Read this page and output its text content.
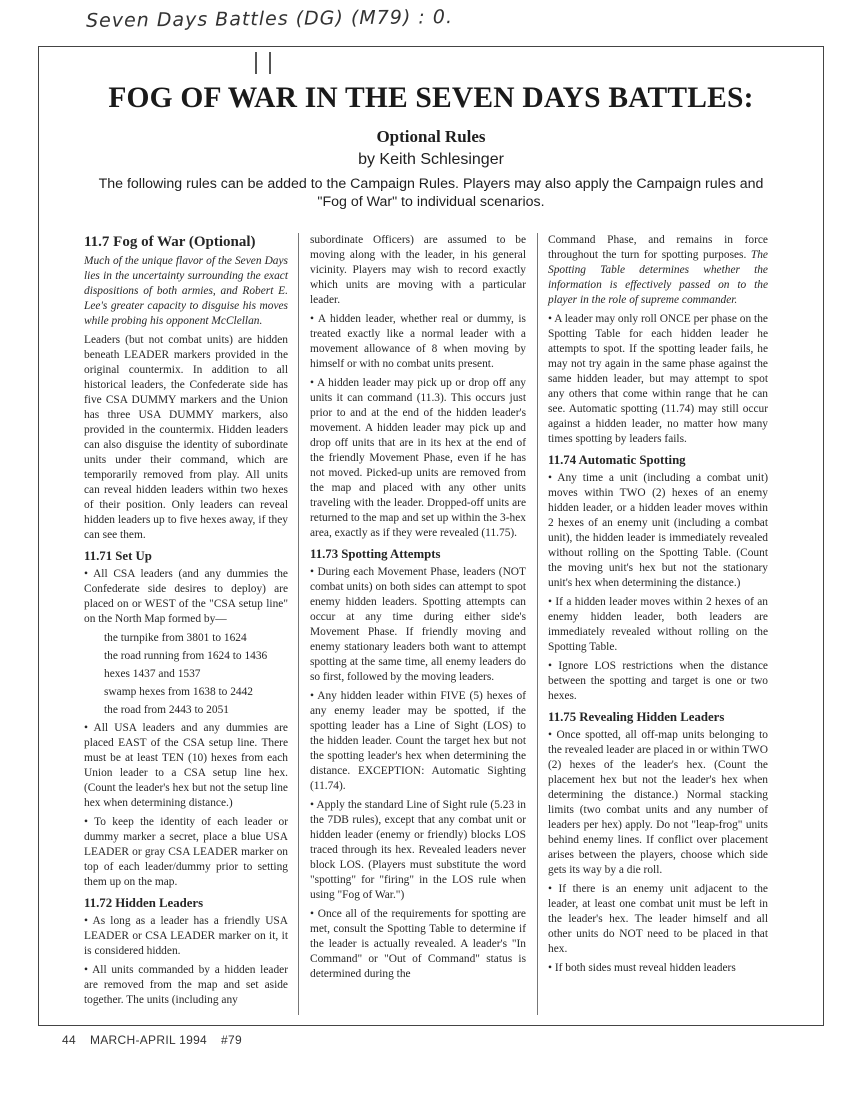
Seven Days Battles (DG) (M79) : 0.
FOG OF WAR IN THE SEVEN DAYS BATTLES:
Optional Rules
by Keith Schlesinger
The following rules can be added to the Campaign Rules. Players may also apply the Campaign rules and "Fog of War" to individual scenarios.
11.7 Fog of War (Optional)

Much of the unique flavor of the Seven Days lies in the uncertainty surrounding the exact dispositions of both armies, and Robert E. Lee's greater capacity to disguise his moves while probing his opponent McClellan.

Leaders (but not combat units) are hidden beneath LEADER markers provided in the original countermix. In addition to all historical leaders, the Confederate side has five CSA DUMMY markers and the Union has three USA DUMMY markers, also provided in the countermix. Hidden leaders can also disguise the identity of subordinate units under their command, which are temporarily removed from play. All units can reveal hidden leaders within two hexes of their position. Only leaders can reveal hidden leaders up to five hexes away, if they can see them.

11.71 Set Up

• All CSA leaders (and any dummies the Confederate side desires to deploy) are placed on or WEST of the "CSA setup line" on the North Map formed by—

the turnpike from 3801 to 1624

the road running from 1624 to 1436

hexes 1437 and 1537

swamp hexes from 1638 to 2442

the road from 2443 to 2051

• All USA leaders and any dummies are placed EAST of the CSA setup line. There must be at least TEN (10) hexes from each Union leader to a CSA setup line hex. (Count the leader's hex but not the setup line hex when determining distance.)

• To keep the identity of each leader or dummy marker a secret, place a blue USA LEADER or gray CSA LEADER marker on top of each leader/dummy prior to setting them up on the map.

11.72 Hidden Leaders

• As long as a leader has a friendly USA LEADER or CSA LEADER marker on it, it is considered hidden.

• All units commanded by a hidden leader are removed from the map and set aside together. The units (including any

subordinate Officers) are assumed to be moving along with the leader, in his general vicinity. Players may wish to record exactly which units are moving with a particular leader.

• A hidden leader, whether real or dummy, is treated exactly like a normal leader with a movement allowance of 8 when moving by himself or with no combat units present.

• A hidden leader may pick up or drop off any units it can command (11.3). This occurs just prior to and at the end of the hidden leader's movement. A hidden leader may pick up and drop off units that are in its hex at the end of the friendly Movement Phase, even if he has not moved. Picked-up units are removed from the map and placed with any other units traveling with the leader. Dropped-off units are returned to the map and set up within the 3-hex area, exactly as if they were revealed (11.75).

11.73 Spotting Attempts

• During each Movement Phase, leaders (NOT combat units) on both sides can attempt to spot enemy hidden leaders. Spotting attempts can occur at any time during either side's Movement Phase. If friendly moving and enemy stationary leaders both want to attempt spotting at the same time, all enemy leaders do so first, followed by the moving leaders.

• Any hidden leader within FIVE (5) hexes of any enemy leader may be spotted, if the spotting leader has a Line of Sight (LOS) to the hidden leader. Count the target hex but not the spotting leader's hex when determining the distance. EXCEPTION: Automatic Sighting (11.74).

• Apply the standard Line of Sight rule (5.23 in the 7DB rules), except that any combat unit or hidden leader (enemy or friendly) blocks LOS traced through its hex. Revealed leaders never block LOS. (Players must substitute the word "spotting" for "firing" in the LOS rule when using "Fog of War.")

• Once all of the requirements for spotting are met, consult the Spotting Table to determine if the leader is actually revealed. A leader's "In Command" or "Out of Command" status is determined during the

Command Phase, and remains in force throughout the turn for spotting purposes. The Spotting Table determines whether the information is effectively passed on to the player in the role of supreme commander.

• A leader may only roll ONCE per phase on the Spotting Table for each hidden leader he attempts to spot. If the spotting leader fails, he may not try again in the same phase against the same hidden leader, but may attempt to spot any others that come within range that he can see. Automatic spotting (11.74) may still occur against a hidden leader, no matter how many times spotting by leaders fails.

11.74 Automatic Spotting

• Any time a unit (including a combat unit) moves within TWO (2) hexes of an enemy hidden leader, or a hidden leader moves within 2 hexes of an enemy unit (including a combat unit), the hidden leader is immediately revealed without rolling on the Spotting Table. (Count the moving unit's hex but not the stationary unit's hex when determining the distance.)

• If a hidden leader moves within 2 hexes of an enemy hidden leader, both leaders are immediately revealed without rolling on the Spotting Table.

• Ignore LOS restrictions when the distance between the spotting and target is one or two hexes.

11.75 Revealing Hidden Leaders

• Once spotted, all off-map units belonging to the revealed leader are placed in or within TWO (2) hexes of the leader's hex. (Count the placement hex but not the leader's hex when determining the distance.) Normal stacking limits (two combat units and any number of leaders per hex) apply. Do not "leap-frog" units behind enemy lines. If conflict over placement arises between the players, choose which side gets its way by a die roll.

• If there is an enemy unit adjacent to the leader, at least one combat unit must be left in the leader's hex. The leader himself and all other units do NOT need to be placed in that hex.

• If both sides must reveal hidden leaders

44 MARCH-APRIL 1994 #79
